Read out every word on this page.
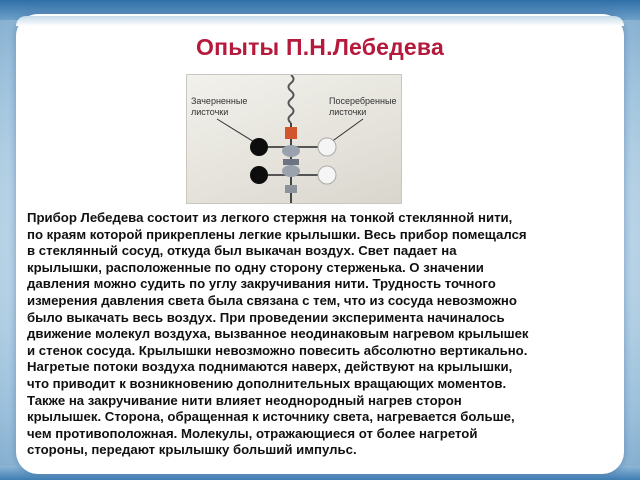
Опыты П.Н.Лебедева
Зачерненные
листочки
Посеребренные
листочки
Прибор Лебедева состоит из легкого стержня на тонкой стеклянной нити,
по краям которой прикреплены легкие крылышки. Весь прибор помещался
в стеклянный сосуд, откуда был выкачан воздух. Свет падает на
крылышки, расположенные по одну сторону стерженька. О значении
давления можно судить по углу закручивания нити. Трудность точного
измерения давления света была связана с тем, что из сосуда невозможно
было выкачать весь воздух. При проведении эксперимента начиналось
движение молекул воздуха, вызванное неодинаковым нагревом крылышек
и стенок сосуда. Крылышки невозможно повесить абсолютно вертикально.
Нагретые потоки воздуха поднимаются наверх, действуют на крылышки,
что приводит к возникновению дополнительных вращающих моментов.
Также на закручивание нити влияет неоднородный нагрев сторон
крылышек. Сторона, обращенная к источнику света, нагревается больше,
чем противоположная. Молекулы, отражающиеся от более нагретой
стороны, передают крылышку больший импульс.
